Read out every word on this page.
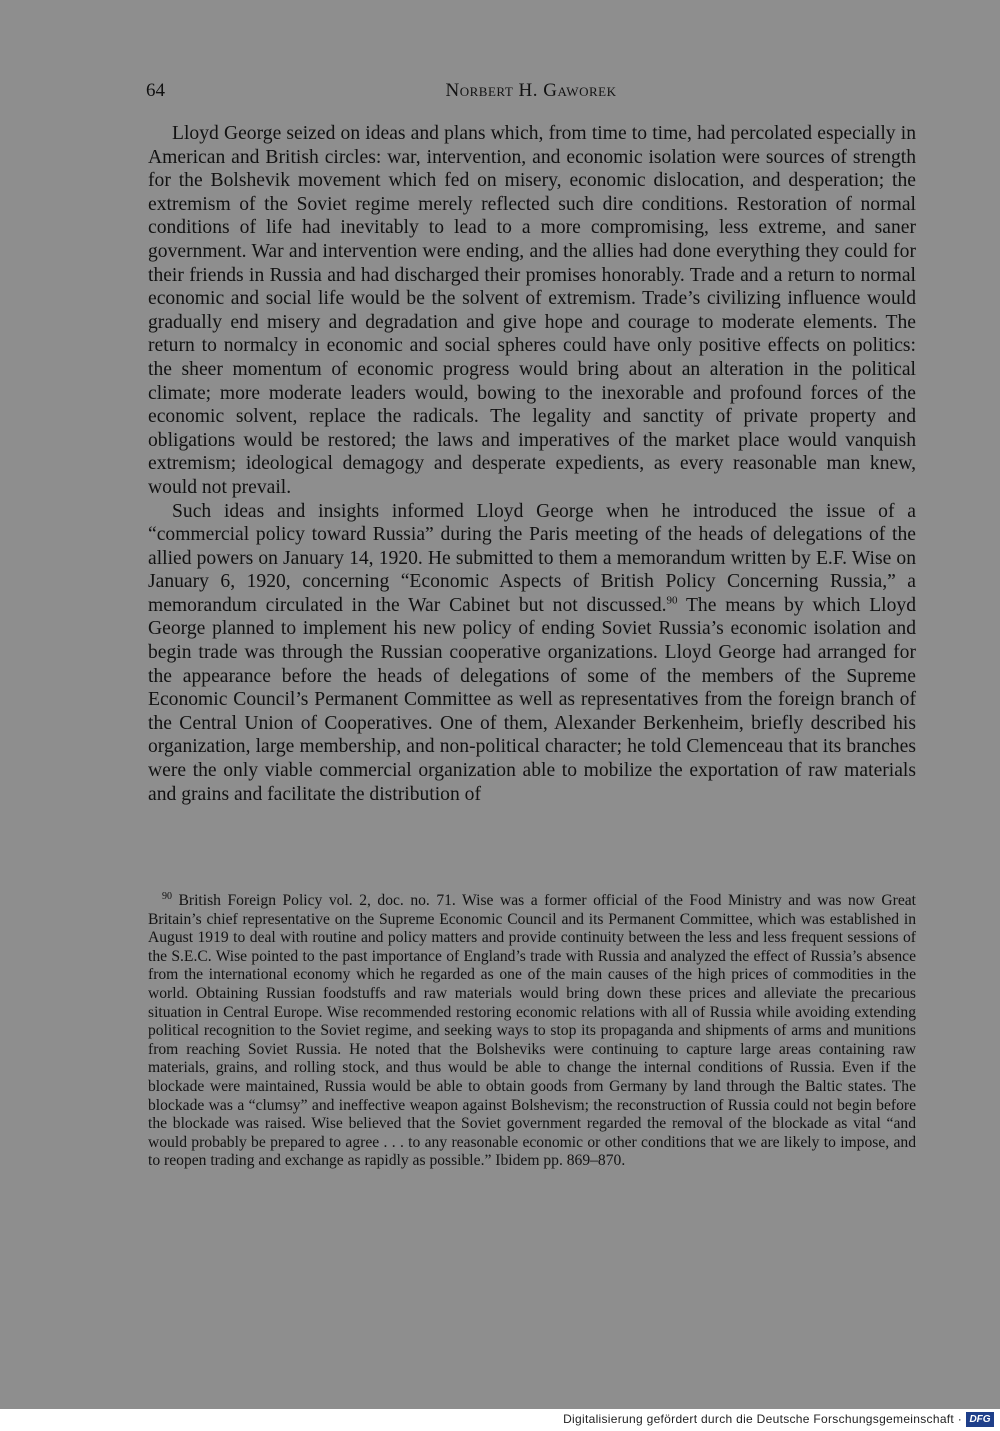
64	Norbert H. Gaworek

Lloyd George seized on ideas and plans which, from time to time, had percolated especially in American and British circles: war, intervention, and economic isolation were sources of strength for the Bolshevik movement which fed on misery, economic dislocation, and desperation; the extremism of the Soviet regime merely reflected such dire conditions. Restoration of normal conditions of life had inevitably to lead to a more compromising, less extreme, and saner government. War and intervention were ending, and the allies had done everything they could for their friends in Russia and had discharged their promises honorably. Trade and a return to normal economic and social life would be the solvent of extremism. Trade’s civilizing influence would gradually end misery and degradation and give hope and courage to moderate elements. The return to normalcy in economic and social spheres could have only positive effects on politics: the sheer momentum of economic progress would bring about an alteration in the political climate; more moderate leaders would, bowing to the inexorable and profound forces of the economic solvent, replace the radicals. The legality and sanctity of private property and obligations would be restored; the laws and imperatives of the market place would vanquish extremism; ideological demagogy and desperate expedients, as every reasonable man knew, would not prevail.

Such ideas and insights informed Lloyd George when he introduced the issue of a “commercial policy toward Russia” during the Paris meeting of the heads of delegations of the allied powers on January 14, 1920. He submitted to them a memorandum written by E.F. Wise on January 6, 1920, concerning “Economic Aspects of British Policy Concerning Russia,” a memorandum circulated in the War Cabinet but not discussed.$^{90}$ The means by which Lloyd George planned to implement his new policy of ending Soviet Russia’s economic isolation and begin trade was through the Russian cooperative organizations. Lloyd George had arranged for the appearance before the heads of delegations of some of the members of the Supreme Economic Council’s Permanent Committee as well as representatives from the foreign branch of the Central Union of Cooperatives. One of them, Alexander Berkenheim, briefly described his organization, large membership, and non-political character; he told Clemenceau that its branches were the only viable commercial organization able to mobilize the exportation of raw materials and grains and facilitate the distribution of

$^{90}$ British Foreign Policy vol. 2, doc. no. 71. Wise was a former official of the Food Ministry and was now Great Britain’s chief representative on the Supreme Economic Council and its Permanent Committee, which was established in August 1919 to deal with routine and policy matters and provide continuity between the less and less frequent sessions of the S.E.C. Wise pointed to the past importance of England’s trade with Russia and analyzed the effect of Russia’s absence from the international economy which he regarded as one of the main causes of the high prices of commodities in the world. Obtaining Russian foodstuffs and raw materials would bring down these prices and alleviate the precarious situation in Central Europe. Wise recommended restoring economic relations with all of Russia while avoiding extending political recognition to the Soviet regime, and seeking ways to stop its propaganda and shipments of arms and munitions from reaching Soviet Russia. He noted that the Bolsheviks were continuing to capture large areas containing raw materials, grains, and rolling stock, and thus would be able to change the internal conditions of Russia. Even if the blockade were maintained, Russia would be able to obtain goods from Germany by land through the Baltic states. The blockade was a “clumsy” and ineffective weapon against Bolshevism; the reconstruction of Russia could not begin before the blockade was raised. Wise believed that the Soviet government regarded the removal of the blockade as vital “and would probably be prepared to agree . . . to any reasonable economic or other conditions that we are likely to impose, and to reopen trading and exchange as rapidly as possible.” Ibidem pp. 869–870.

Digitalisierung gefördert durch die Deutsche Forschungsgemeinschaft · DFG
